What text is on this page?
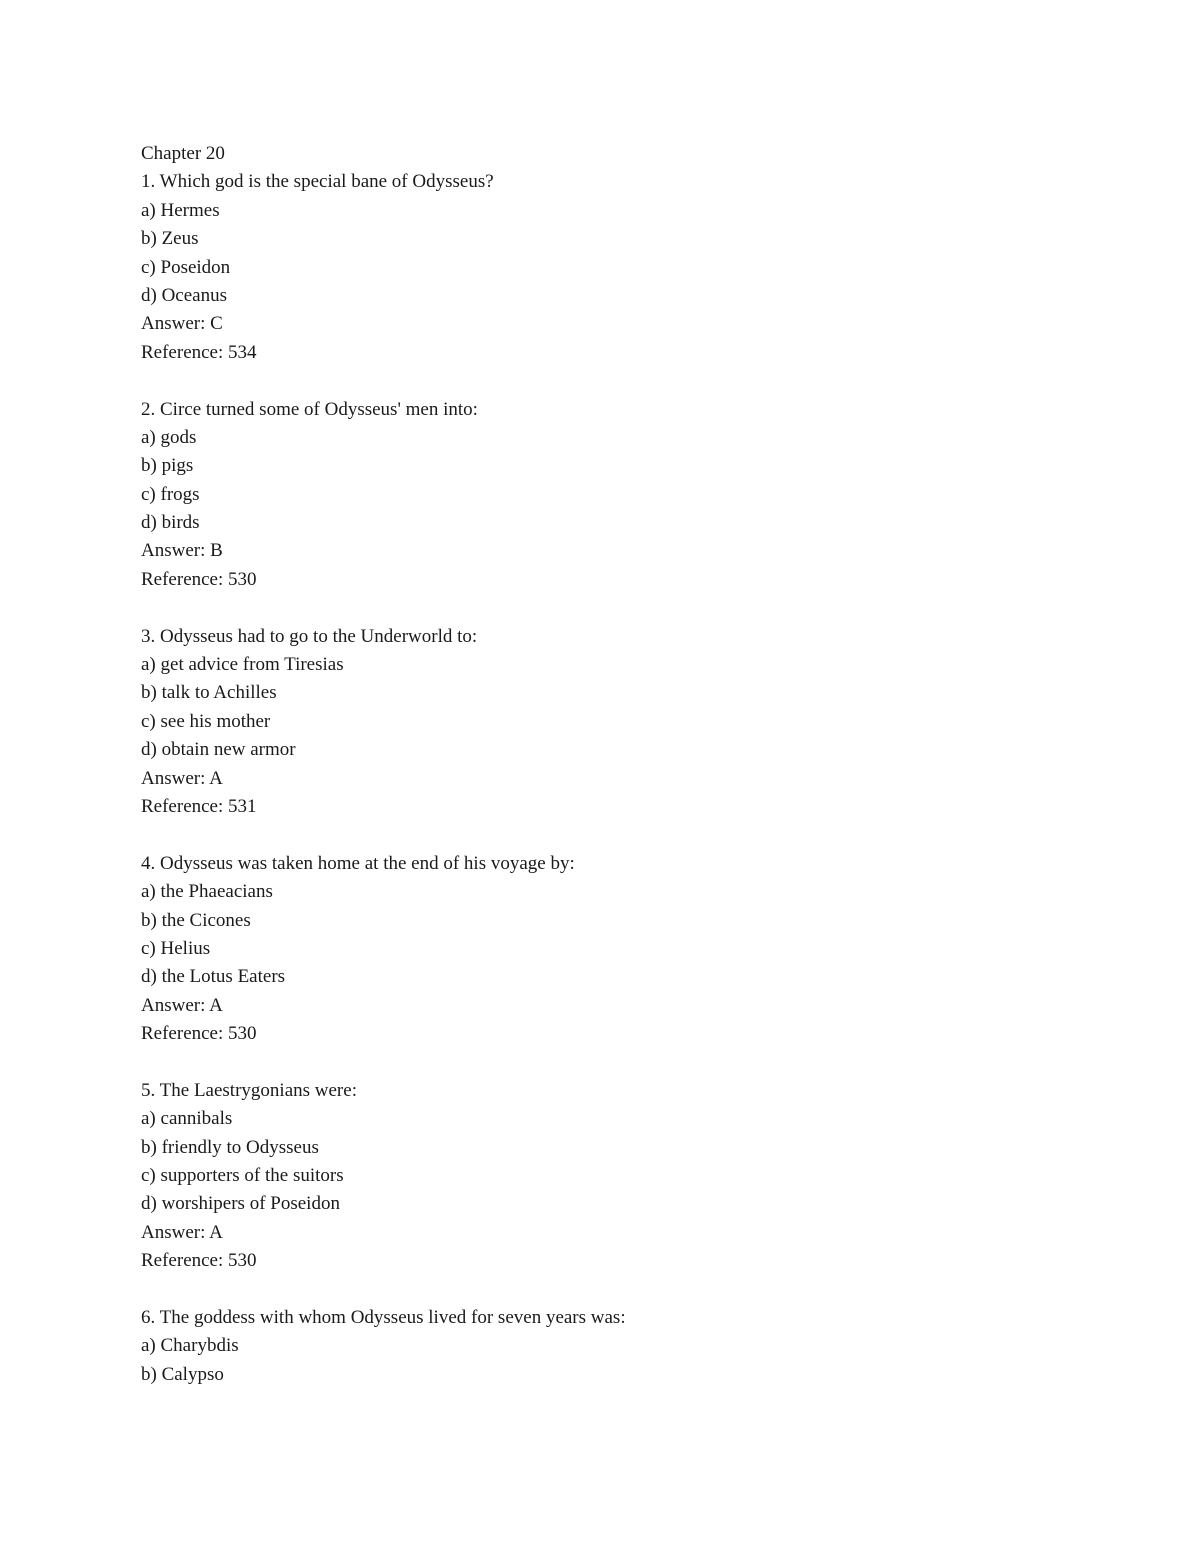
Chapter 20
1. Which god is the special bane of Odysseus?
a) Hermes
b) Zeus
c) Poseidon
d) Oceanus
Answer: C
Reference: 534
2. Circe turned some of Odysseus' men into:
a) gods
b) pigs
c) frogs
d) birds
Answer: B
Reference: 530
3. Odysseus had to go to the Underworld to:
a) get advice from Tiresias
b) talk to Achilles
c) see his mother
d) obtain new armor
Answer: A
Reference: 531
4. Odysseus was taken home at the end of his voyage by:
a) the Phaeacians
b) the Cicones
c) Helius
d) the Lotus Eaters
Answer: A
Reference: 530
5. The Laestrygonians were:
a) cannibals
b) friendly to Odysseus
c) supporters of the suitors
d) worshipers of Poseidon
Answer: A
Reference: 530
6. The goddess with whom Odysseus lived for seven years was:
a) Charybdis
b) Calypso
